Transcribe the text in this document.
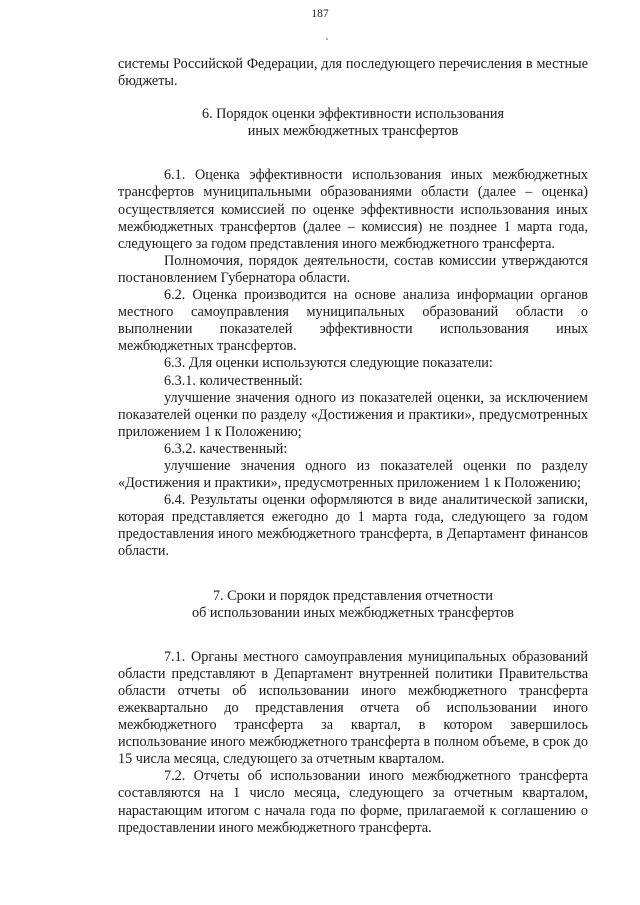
187

системы Российской Федерации, для последующего перечисления в местные бюджеты.

6. Порядок оценки эффективности использования
иных межбюджетных трансфертов

6.1. Оценка эффективности использования иных межбюджетных трансфертов муниципальными образованиями области (далее – оценка) осуществляется комиссией по оценке эффективности использования иных межбюджетных трансфертов (далее – комиссия) не позднее 1 марта года, следующего за годом представления иного межбюджетного трансферта.

Полномочия, порядок деятельности, состав комиссии утверждаются постановлением Губернатора области.

6.2. Оценка производится на основе анализа информации органов местного самоуправления муниципальных образований области о выполнении показателей эффективности использования иных межбюджетных трансфертов.

6.3. Для оценки используются следующие показатели:

6.3.1. количественный:

улучшение значения одного из показателей оценки, за исключением показателей оценки по разделу «Достижения и практики», предусмотренных приложением 1 к Положению;

6.3.2. качественный:

улучшение значения одного из показателей оценки по разделу «Достижения и практики», предусмотренных приложением 1 к Положению;

6.4. Результаты оценки оформляются в виде аналитической записки, которая представляется ежегодно до 1 марта года, следующего за годом предоставления иного межбюджетного трансферта, в Департамент финансов области.

7. Сроки и порядок представления отчетности
об использовании иных межбюджетных трансфертов

7.1. Органы местного самоуправления муниципальных образований области представляют в Департамент внутренней политики Правительства области отчеты об использовании иного межбюджетного трансферта ежеквартально до представления отчета об использовании иного межбюджетного трансферта за квартал, в котором завершилось использование иного межбюджетного трансферта в полном объеме, в срок до 15 числа месяца, следующего за отчетным кварталом.

7.2. Отчеты об использовании иного межбюджетного трансферта составляются на 1 число месяца, следующего за отчетным кварталом, нарастающим итогом с начала года по форме, прилагаемой к соглашению о предоставлении иного межбюджетного трансферта.
